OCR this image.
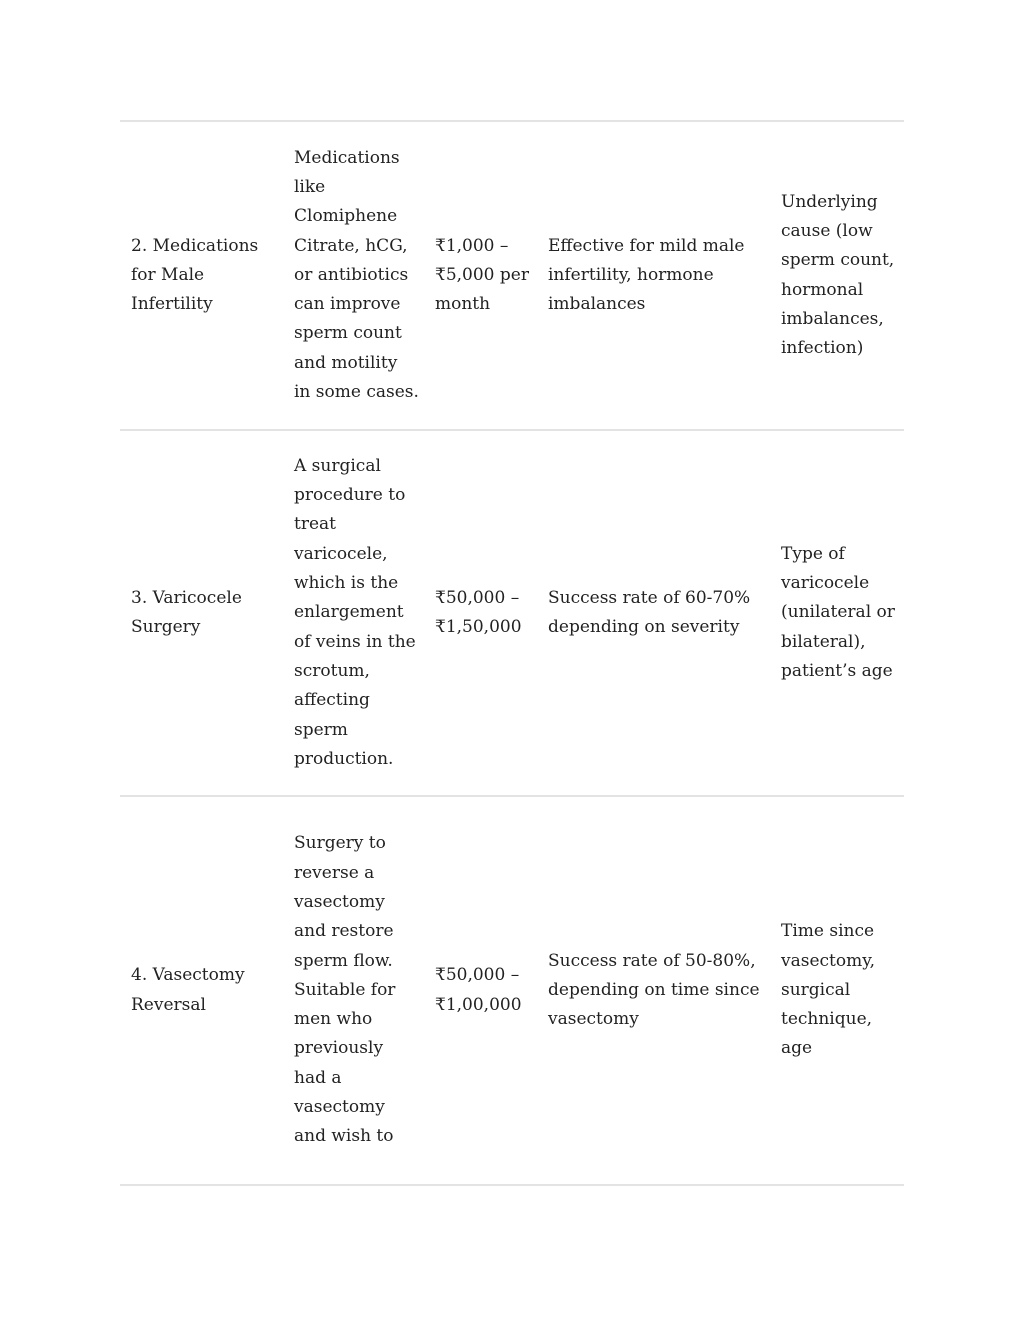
2. Medications
for Male
Infertility
Medications
like
Clomiphene
Citrate, hCG,
or antibiotics
can improve
sperm count
and motility
in some cases.
₹1,000 –
₹5,000 per
month
Effective for mild male
infertility, hormone
imbalances
Underlying
cause (low
sperm count,
hormonal
imbalances,
infection)
3. Varicocele
Surgery
A surgical
procedure to
treat
varicocele,
which is the
enlargement
of veins in the
scrotum,
affecting
sperm
production.
₹50,000 –
₹1,50,000
Success rate of 60-70%
depending on severity
Type of
varicocele
(unilateral or
bilateral),
patient’s age
4. Vasectomy
Reversal
Surgery to
reverse a
vasectomy
and restore
sperm flow.
Suitable for
men who
previously
had a
vasectomy
and wish to
₹50,000 –
₹1,00,000
Success rate of 50-80%,
depending on time since
vasectomy
Time since
vasectomy,
surgical
technique,
age
